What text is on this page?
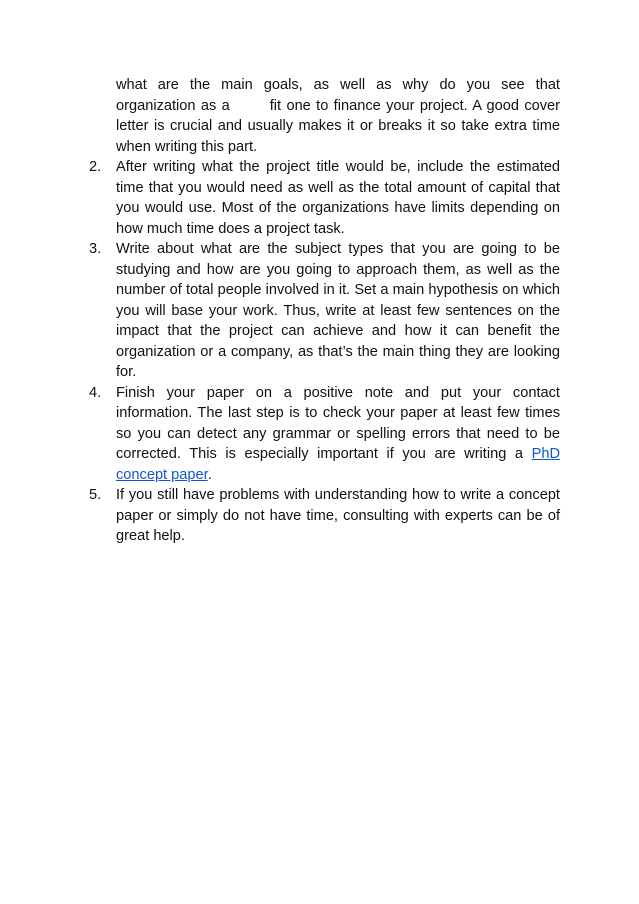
what are the main goals, as well as why do you see that organization as a	fit one to finance your project. A good cover letter is crucial and usually makes it or breaks it so take extra time when writing this part.
2. After writing what the project title would be, include the estimated time that you would need as well as the total amount of capital that you would use. Most of the organizations have limits depending on how much time does a project task.
3. Write about what are the subject types that you are going to be studying and how are you going to approach them, as well as the number of total people involved in it. Set a main hypothesis on which you will base your work. Thus, write at least few sentences on the impact that the project can achieve and how it can benefit the organization or a company, as that’s the main thing they are looking for.
4. Finish your paper on a positive note and put your contact information. The last step is to check your paper at least few times so you can detect any grammar or spelling errors that need to be corrected. This is especially important if you are writing a PhD concept paper.
5. If you still have problems with understanding how to write a concept paper or simply do not have time, consulting with experts can be of great help.
